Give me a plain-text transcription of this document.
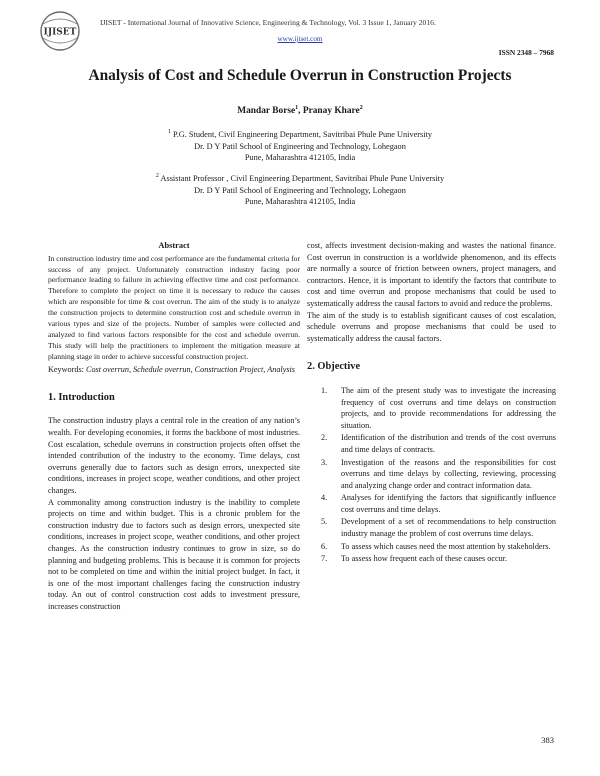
IJISET
IJISET - International Journal of Innovative Science, Engineering & Technology, Vol. 3 Issue 1, January 2016.
www.ijiset.com
ISSN 2348 – 7968
Analysis of Cost and Schedule Overrun in Construction Projects
Mandar Borse$^1$, Pranay Khare$^2$
$^1$ P.G. Student, Civil Engineering Department, Savitribai Phule Pune University
Dr. D Y Patil School of Engineering and Technology, Lohegaon
Pune, Maharashtra 412105, India
$^2$ Assistant Professor , Civil Engineering Department, Savitribai Phule Pune University
Dr. D Y Patil School of Engineering and Technology, Lohegaon
Pune, Maharashtra 412105, India

Abstract

In construction industry time and cost performance are the fundamental criteria for success of any project. Unfortunately construction industry facing poor performance leading to failure in achieving effective time and cost performance. Therefore to complete the project on time it is necessary to reduce the causes which are responsible for time & cost overrun. The aim of the study is to analyze the construction projects to determine construction cost and schedule overrun in various types and size of the projects. Number of samples were collected and analyzed to find various factors responsible for the cost and schedule overrun. This study will help the practitioners to implement the mitigation measure at planning stage in order to achieve successful construction project.

Keywords: Cost overrun, Schedule overrun, Construction Project, Analysis

1. Introduction

The construction industry plays a central role in the creation of any nation’s wealth. For developing economies, it forms the backbone of most industries. Cost escalation, schedule overruns in construction projects often offset the intended contribution of the industry to the economy. Time delays, cost overruns generally due to factors such as design errors, unexpected site conditions, increases in project scope, weather conditions, and other project changes.

A commonality among construction industry is the inability to complete projects on time and within budget. This is a chronic problem for the construction industry due to factors such as design errors, unexpected site conditions, increases in project scope, weather conditions, and other project changes. As the construction industry continues to grow in size, so do planning and budgeting problems. This is because it is common for projects not to be completed on time and within the initial project budget. In fact, it is one of the most important challenges facing the construction industry today. An out of control construction cost adds to investment pressure, increases construction

cost, affects investment decision-making and wastes the national finance. Cost overrun in construction is a worldwide phenomenon, and its effects are normally a source of friction between owners, project managers, and contractors. Hence, it is important to identify the factors that contribute to cost and time overrun and propose mechanisms that could be used to systematically address the causal factors to avoid and reduce the problems.

The aim of the study is to establish significant causes of cost escalation, schedule overruns and propose mechanisms that could be used to systematically address the causal factors.

2. Objective
1. The aim of the present study was to investigate the increasing frequency of cost overruns and time delays on construction projects, and to provide recommendations for addressing the situation.
2. Identification of the distribution and trends of the cost overruns and time delays of contracts.
3. Investigation of the reasons and the responsibilities for cost overruns and time delays by collecting, reviewing, processing and analyzing change order and contract information data.
4. Analyses for identifying the factors that significantly influence cost overruns and time delays.
5. Development of a set of recommendations to help construction industry manage the problem of cost overruns time delays.
6. To assess which causes need the most attention by stakeholders.
7. To assess how frequent each of these causes occur.
383
